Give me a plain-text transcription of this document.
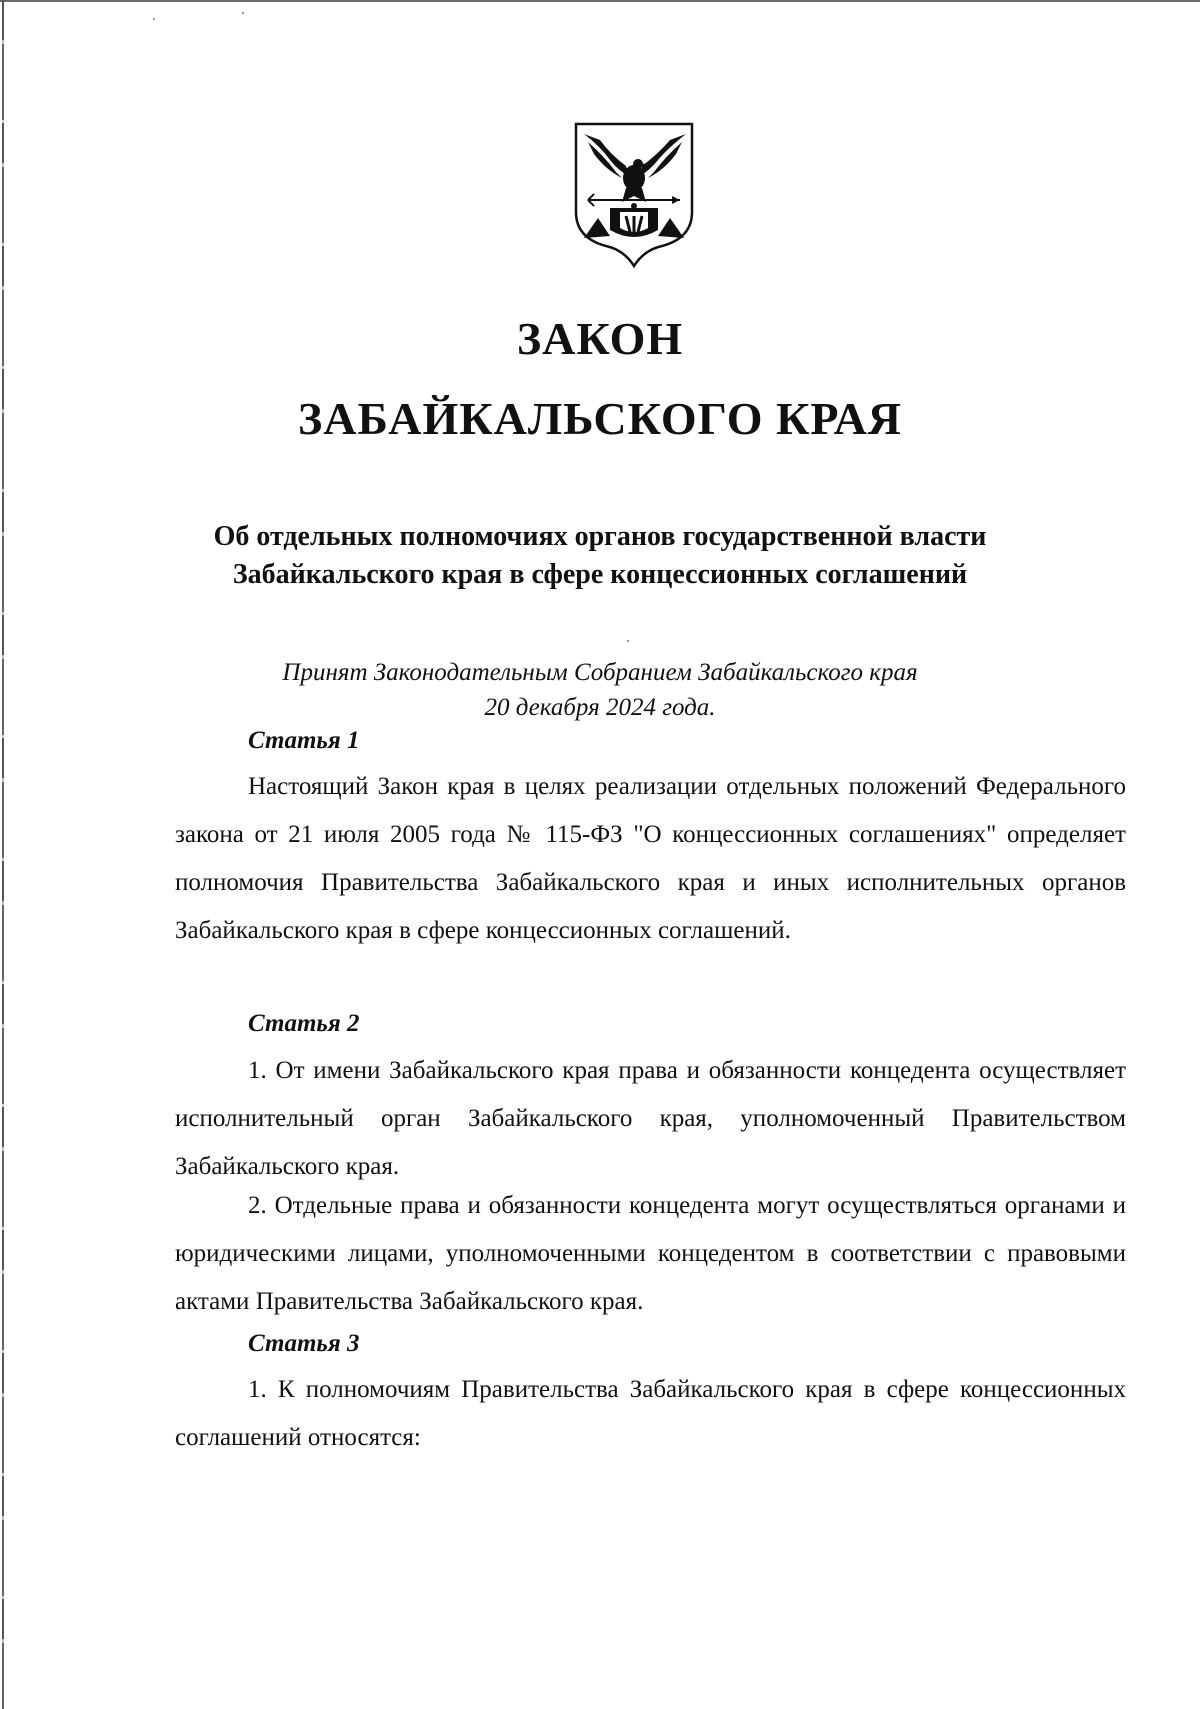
ЗАКОН
ЗАБАЙКАЛЬСКОГО КРАЯ
Об отдельных полномочиях органов государственной власти
Забайкальского края в сфере концессионных соглашений

Принят Законодательным Собранием Забайкальского края
20 декабря 2024 года.

Статья 1

Настоящий Закон края в целях реализации отдельных положений Федерального закона от 21 июля 2005 года № 115-ФЗ "О концессионных соглашениях" определяет полномочия Правительства Забайкальского края и иных исполнительных органов Забайкальского края в сфере концессионных соглашений.

Статья 2

1. От имени Забайкальского края права и обязанности концедента осуществляет исполнительный орган Забайкальского края, уполномоченный Правительством Забайкальского края.

2. Отдельные права и обязанности концедента могут осуществляться органами и юридическими лицами, уполномоченными концедентом в соответствии с правовыми актами Правительства Забайкальского края.

Статья 3

1. К полномочиям Правительства Забайкальского края в сфере концессионных соглашений относятся:
